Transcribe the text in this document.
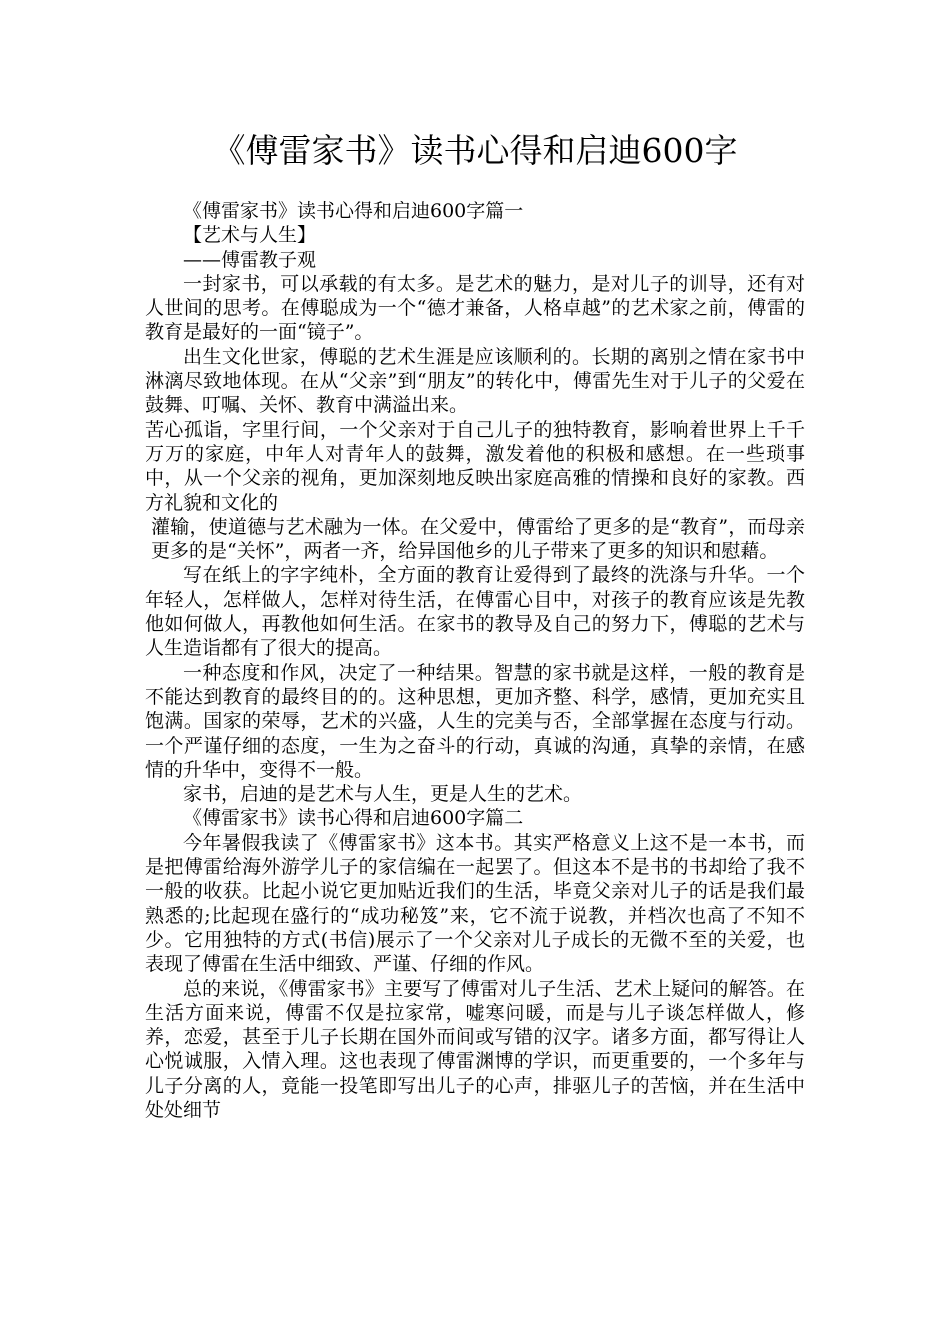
《傅雷家书》读书心得和启迪600字

《傅雷家书》读书心得和启迪600字篇一

【艺术与人生】

——傅雷教子观

一封家书，可以承载的有太多。是艺术的魅力，是对儿子的训导，还有对人世间的思考。在傅聪成为一个“德才兼备，人格卓越”的艺术家之前，傅雷的教育是最好的一面“镜子”。

出生文化世家，傅聪的艺术生涯是应该顺利的。长期的离别之情在家书中淋漓尽致地体现。在从“父亲”到“朋友”的转化中，傅雷先生对于儿子的父爱在鼓舞、叮嘱、关怀、教育中满溢出来。

苦心孤诣，字里行间，一个父亲对于自己儿子的独特教育，影响着世界上千千万万的家庭，中年人对青年人的鼓舞，激发着他的积极和感想。在一些琐事中，从一个父亲的视角，更加深刻地反映出家庭高雅的情操和良好的家教。西方礼貌和文化的

灌输，使道德与艺术融为一体。在父爱中，傅雷给了更多的是“教育”，而母亲更多的是“关怀”，两者一齐，给异国他乡的儿子带来了更多的知识和慰藉。

写在纸上的字字纯朴，全方面的教育让爱得到了最终的洗涤与升华。一个年轻人，怎样做人，怎样对待生活，在傅雷心目中，对孩子的教育应该是先教他如何做人，再教他如何生活。在家书的教导及自己的努力下，傅聪的艺术与人生造诣都有了很大的提高。

一种态度和作风，决定了一种结果。智慧的家书就是这样，一般的教育是不能达到教育的最终目的的。这种思想，更加齐整、科学，感情，更加充实且饱满。国家的荣辱，艺术的兴盛，人生的完美与否，全部掌握在态度与行动。一个严谨仔细的态度，一生为之奋斗的行动，真诚的沟通，真挚的亲情，在感情的升华中，变得不一般。

家书，启迪的是艺术与人生，更是人生的艺术。

《傅雷家书》读书心得和启迪600字篇二

今年暑假我读了《傅雷家书》这本书。其实严格意义上这不是一本书，而是把傅雷给海外游学儿子的家信编在一起罢了。但这本不是书的书却给了我不一般的收获。比起小说它更加贴近我们的生活，毕竟父亲对儿子的话是我们最熟悉的;比起现在盛行的“成功秘笈”来，它不流于说教，并档次也高了不知不少。它用独特的方式(书信)展示了一个父亲对儿子成长的无微不至的关爱，也表现了傅雷在生活中细致、严谨、仔细的作风。

总的来说，《傅雷家书》主要写了傅雷对儿子生活、艺术上疑问的解答。在生活方面来说，傅雷不仅是拉家常，嘘寒问暖，而是与儿子谈怎样做人，修养，恋爱，甚至于儿子长期在国外而间或写错的汉字。诸多方面，都写得让人心悦诚服，入情入理。这也表现了傅雷渊博的学识，而更重要的，一个多年与儿子分离的人，竟能一投笔即写出儿子的心声，排驱儿子的苦恼，并在生活中处处细节
